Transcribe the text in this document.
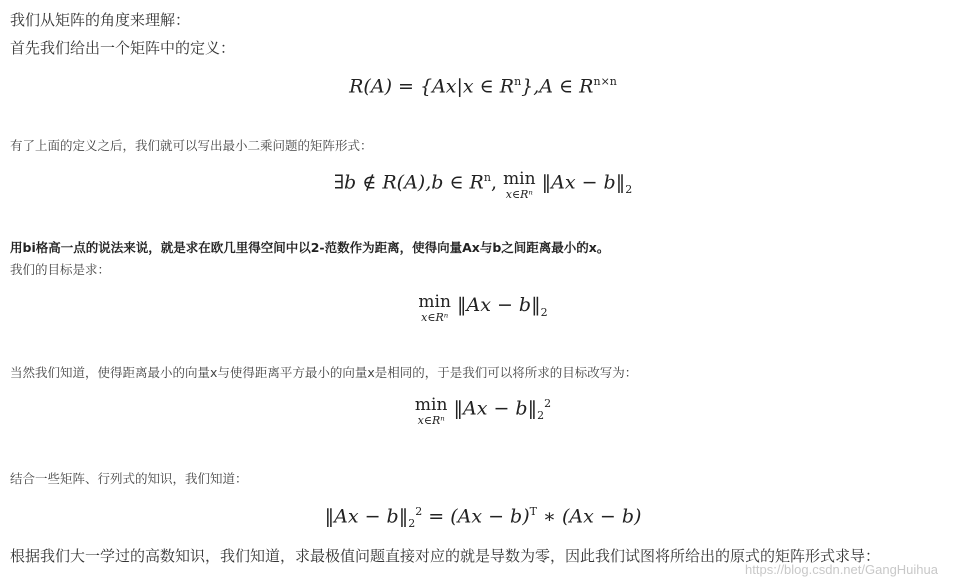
我们从矩阵的角度来理解：
首先我们给出一个矩阵中的定义：
R(A) = {Ax|x ∈ $R^n\},A$ ∈ $R^{n\times n}$
有了上面的定义之后，我们就可以写出最小二乘问题的矩阵形式：
∃b ∉ R(A),b ∈ $R^n$, min
x∈Rⁿ
‖Ax − $b‖_2$
用bi格高一点的说法来说，就是求在欧几里得空间中以2-范数作为距离，使得向量Ax与b之间距离最小的x。
我们的目标是求：
min
x∈Rⁿ
‖Ax − $b‖_2$
当然我们知道，使得距离最小的向量x与使得距离平方最小的向量x是相同的，于是我们可以将所求的目标改写为：
min
x∈Rⁿ
‖Ax − $b‖_2^2$
结合一些矩阵、行列式的知识，我们知道：
‖Ax − $b‖_2^2 = (Ax - b)^T$ ∗ (Ax − b)
根据我们大一学过的高数知识，我们知道，求最极值问题直接对应的就是导数为零，因此我们试图将所给出的原式的矩阵形式求导：
https://blog.csdn.net/GangHuihua
